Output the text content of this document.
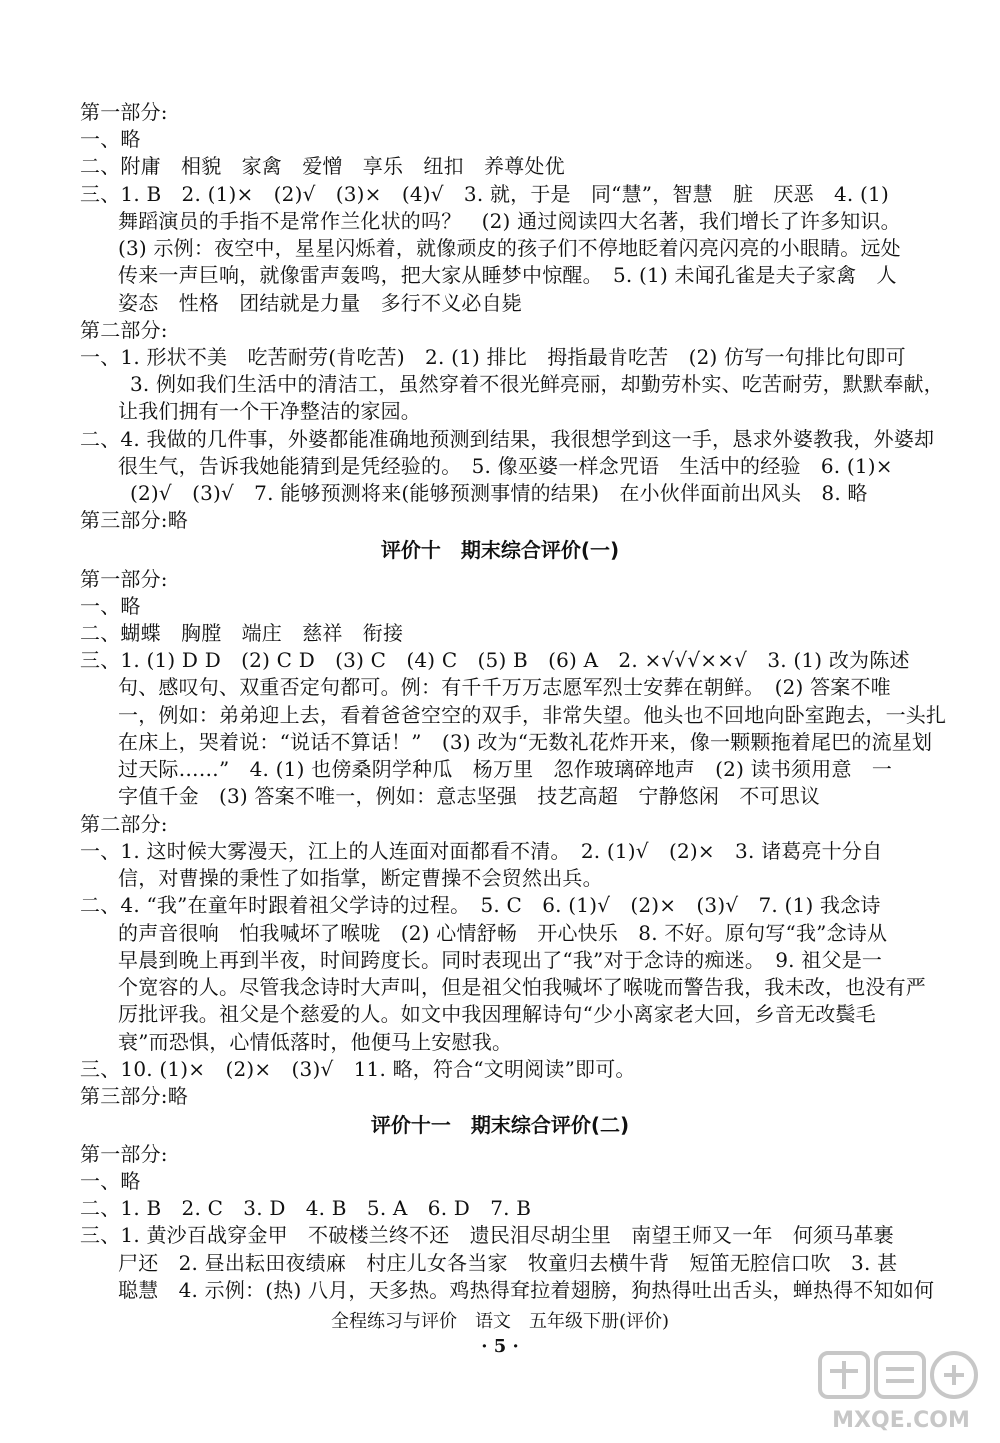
第一部分:
一、略
二、附庸　相貌　家禽　爱憎　享乐　纽扣　养尊处优
三、1. B　2. (1)×　(2)√　(3)×　(4)√　3. 就，于是　同“慧”，智慧　脏　厌恶　4. (1)
舞蹈演员的手指不是常作兰化状的吗？　(2) 通过阅读四大名著，我们增长了许多知识。
(3) 示例：夜空中，星星闪烁着，就像顽皮的孩子们不停地眨着闪亮闪亮的小眼睛。远处
传来一声巨响，就像雷声轰鸣，把大家从睡梦中惊醒。　5. (1) 未闻孔雀是夫子家禽　人
姿态　性格　团结就是力量　多行不义必自毙
第二部分:
一、1. 形状不美　吃苦耐劳(肯吃苦)　2. (1) 排比　拇指最肯吃苦　(2) 仿写一句排比句即可
3. 例如我们生活中的清洁工，虽然穿着不很光鲜亮丽，却勤劳朴实、吃苦耐劳，默默奉献，
让我们拥有一个干净整洁的家园。
二、4. 我做的几件事，外婆都能准确地预测到结果，我很想学到这一手，恳求外婆教我，外婆却
很生气，告诉我她能猜到是凭经验的。　5. 像巫婆一样念咒语　生活中的经验　6. (1)×
(2)√　(3)√　7. 能够预测将来(能够预测事情的结果)　在小伙伴面前出风头　8. 略
第三部分:略
评价十　期末综合评价(一)
第一部分:
一、略
二、蝴蝶　胸膛　端庄　慈祥　衔接
三、1. (1) D D　(2) C D　(3) C　(4) C　(5) B　(6) A　2. ×√√√××√　3. (1) 改为陈述
句、感叹句、双重否定句都可。例：有千千万万志愿军烈士安葬在朝鲜。　(2) 答案不唯
一，例如：弟弟迎上去，看着爸爸空空的双手，非常失望。他头也不回地向卧室跑去，一头扎
在床上，哭着说：“说话不算话！”　(3) 改为“无数礼花炸开来，像一颗颗拖着尾巴的流星划
过天际……”　4. (1) 也傍桑阴学种瓜　杨万里　忽作玻璃碎地声　(2) 读书须用意　一
字值千金　(3) 答案不唯一，例如：意志坚强　技艺高超　宁静悠闲　不可思议
第二部分:
一、1. 这时候大雾漫天，江上的人连面对面都看不清。　2. (1)√　(2)×　3. 诸葛亮十分自
信，对曹操的秉性了如指掌，断定曹操不会贸然出兵。
二、4. “我”在童年时跟着祖父学诗的过程。　5. C　6. (1)√　(2)×　(3)√　7. (1) 我念诗
的声音很响　怕我喊坏了喉咙　(2) 心情舒畅　开心快乐　8. 不好。原句写“我”念诗从
早晨到晚上再到半夜，时间跨度长。同时表现出了“我”对于念诗的痴迷。　9. 祖父是一
个宽容的人。尽管我念诗时大声叫，但是祖父怕我喊坏了喉咙而警告我，我未改，也没有严
厉批评我。祖父是个慈爱的人。如文中我因理解诗句“少小离家老大回，乡音无改鬓毛
衰”而恐惧，心情低落时，他便马上安慰我。
三、10. (1)×　(2)×　(3)√　11. 略，符合“文明阅读”即可。
第三部分:略
评价十一　期末综合评价(二)
第一部分:
一、略
二、1. B　2. C　3. D　4. B　5. A　6. D　7. B
三、1. 黄沙百战穿金甲　不破楼兰终不还　遗民泪尽胡尘里　南望王师又一年　何须马革裹
尸还　2. 昼出耘田夜绩麻　村庄儿女各当家　牧童归去横牛背　短笛无腔信口吹　3. 甚
聪慧　4. 示例：(热) 八月，天多热。鸡热得耷拉着翅膀，狗热得吐出舌头，蝉热得不知如何
全程练习与评价　语文　五年级下册(评价)
· 5 ·
MXQE.COM
